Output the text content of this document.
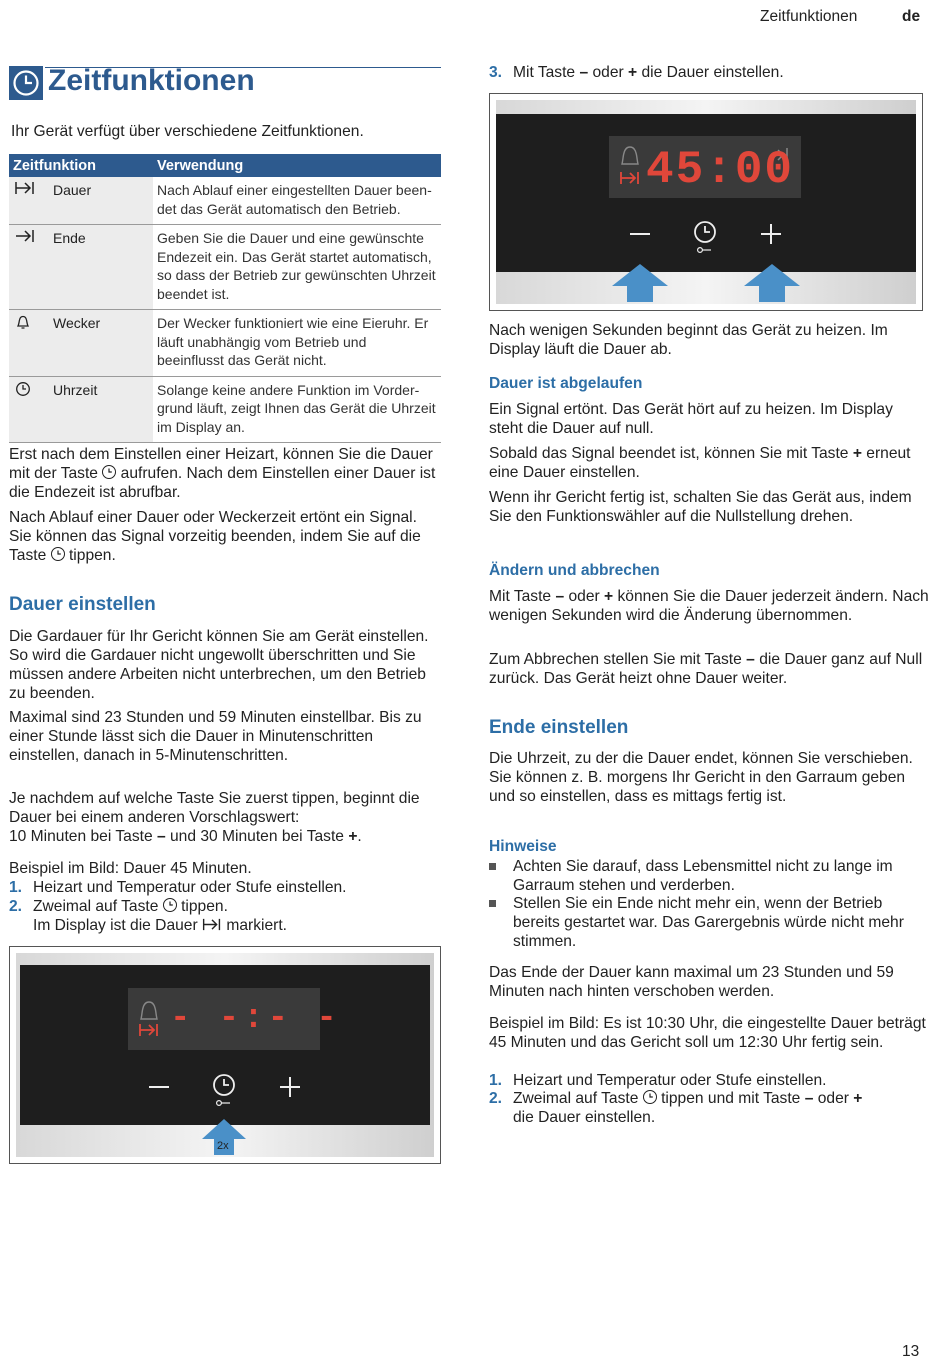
Zeitfunktionen	de
Zeitfunktionen

Ihr Gerät verfügt über verschiedene Zeitfunktionen.

Zeitfunktion		Verwendung
	Dauer	Nach Ablauf einer eingestellten Dauer been-det das Gerät automatisch den Betrieb.
	Ende	Geben Sie die Dauer und eine gewünschte Endezeit ein. Das Gerät startet automatisch, so dass der Betrieb zur gewünschten Uhrzeit beendet ist.
	Wecker	Der Wecker funktioniert wie eine Eieruhr. Er läuft unabhängig vom Betrieb und beeinflusst das Gerät nicht.
	Uhrzeit	Solange keine andere Funktion im Vorder-grund läuft, zeigt Ihnen das Gerät die Uhrzeit im Display an.

Erst nach dem Einstellen einer Heizart, können Sie die Dauer mit der Taste aufrufen. Nach dem Einstellen einer Dauer ist die Endezeit ist abrufbar.

Nach Ablauf einer Dauer oder Weckerzeit ertönt ein Signal. Sie können das Signal vorzeitig beenden, indem Sie auf die Taste tippen.

Dauer einstellen

Die Gardauer für Ihr Gericht können Sie am Gerät einstellen. So wird die Gardauer nicht ungewollt überschritten und Sie müssen andere Arbeiten nicht unterbrechen, um den Betrieb zu beenden.

Maximal sind 23 Stunden und 59 Minuten einstellbar. Bis zu einer Stunde lässt sich die Dauer in Minutenschritten einstellen, danach in 5-Minutenschritten.

Je nachdem auf welche Taste Sie zuerst tippen, beginnt die Dauer bei einem anderen Vorschlagswert:
10 Minuten bei Taste – und 30 Minuten bei Taste +.

Beispiel im Bild: Dauer 45 Minuten.

1. Heizart und Temperatur oder Stufe einstellen.
2. Zweimal auf Taste tippen.
Im Display ist die Dauer markiert.
- -:- -
2x
3. Mit Taste – oder + die Dauer einstellen.
45:00

Nach wenigen Sekunden beginnt das Gerät zu heizen. Im Display läuft die Dauer ab.

Dauer ist abgelaufen

Ein Signal ertönt. Das Gerät hört auf zu heizen. Im Display steht die Dauer auf null.

Sobald das Signal beendet ist, können Sie mit Taste + erneut eine Dauer einstellen.

Wenn ihr Gericht fertig ist, schalten Sie das Gerät aus, indem Sie den Funktionswähler auf die Nullstellung drehen.

Ändern und abbrechen

Mit Taste – oder + können Sie die Dauer jederzeit ändern. Nach wenigen Sekunden wird die Änderung übernommen.

Zum Abbrechen stellen Sie mit Taste – die Dauer ganz auf Null zurück. Das Gerät heizt ohne Dauer weiter.

Ende einstellen

Die Uhrzeit, zu der die Dauer endet, können Sie verschieben. Sie können z. B. morgens Ihr Gericht in den Garraum geben und so einstellen, dass es mittags fertig ist.

Hinweise
Achten Sie darauf, dass Lebensmittel nicht zu lange im Garraum stehen und verderben.
Stellen Sie ein Ende nicht mehr ein, wenn der Betrieb bereits gestartet war. Das Garergebnis würde nicht mehr stimmen.

Das Ende der Dauer kann maximal um 23 Stunden und 59 Minuten nach hinten verschoben werden.

Beispiel im Bild: Es ist 10:30 Uhr, die eingestellte Dauer beträgt 45 Minuten und das Gericht soll um 12:30 Uhr fertig sein.

1. Heizart und Temperatur oder Stufe einstellen.
2. Zweimal auf Taste tippen und mit Taste – oder +
die Dauer einstellen.
13
